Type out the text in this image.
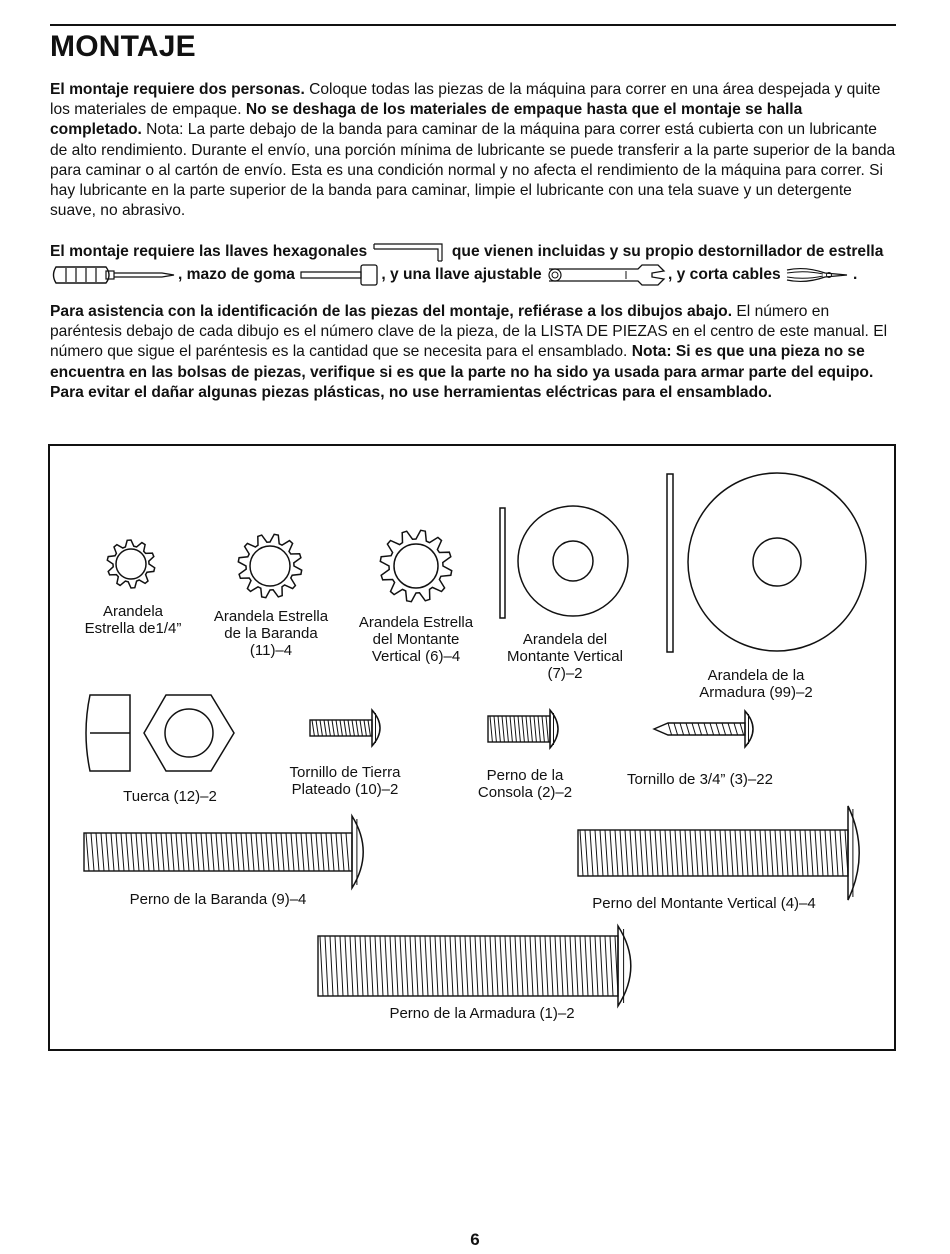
MONTAJE

El montaje requiere dos personas. Coloque todas las piezas de la máquina para correr en una área despejada y quite los materiales de empaque. No se deshaga de los materiales de empaque hasta que el montaje se halla completado. Nota: La parte debajo de la banda para caminar de la máquina para correr está cubierta con un lubricante de alto rendimiento. Durante el envío, una porción mínima de lubricante se puede transferir a la parte superior de la banda para caminar o al cartón de envío. Esta es una condición normal y no afecta el rendimiento de la máquina para correr. Si hay lubricante en la parte superior de la banda para caminar, limpie el lubricante con una tela suave y un detergente suave, no abrasivo.

El montaje requiere las llaves hexagonales	que vienen incluidas y su propio destornillador de estrella , mazo de goma	, y una llave ajustable	, y corta cables	.

Para asistencia con la identificación de las piezas del montaje, refiérase a los dibujos abajo. El número en paréntesis debajo de cada dibujo es el número clave de la pieza, de la LISTA DE PIEZAS en el centro de este manual. El número que sigue el paréntesis es la cantidad que se necesita para el ensamblado. Nota: Si es que una pieza no se encuentra en las bolsas de piezas, verifique si es que la parte no ha sido ya usada para armar parte del equipo. Para evitar el dañar algunas piezas plásticas, no use herramientas eléctricas para el ensamblado.

Arandela
Estrella de1/4”
Arandela Estrella
de la Baranda
(11)–4
Arandela Estrella
del Montante
Vertical (6)–4
Arandela del
Montante Vertical
(7)–2	Arandela de la
Armadura (99)–2
Tuerca (12)–2
Tornillo de Tierra
Plateado (10)–2
Perno de la
Consola (2)–2
Tornillo de 3/4” (3)–22
Perno de la Baranda (9)–4	Perno del Montante Vertical (4)–4
Perno de la Armadura (1)–2
6
